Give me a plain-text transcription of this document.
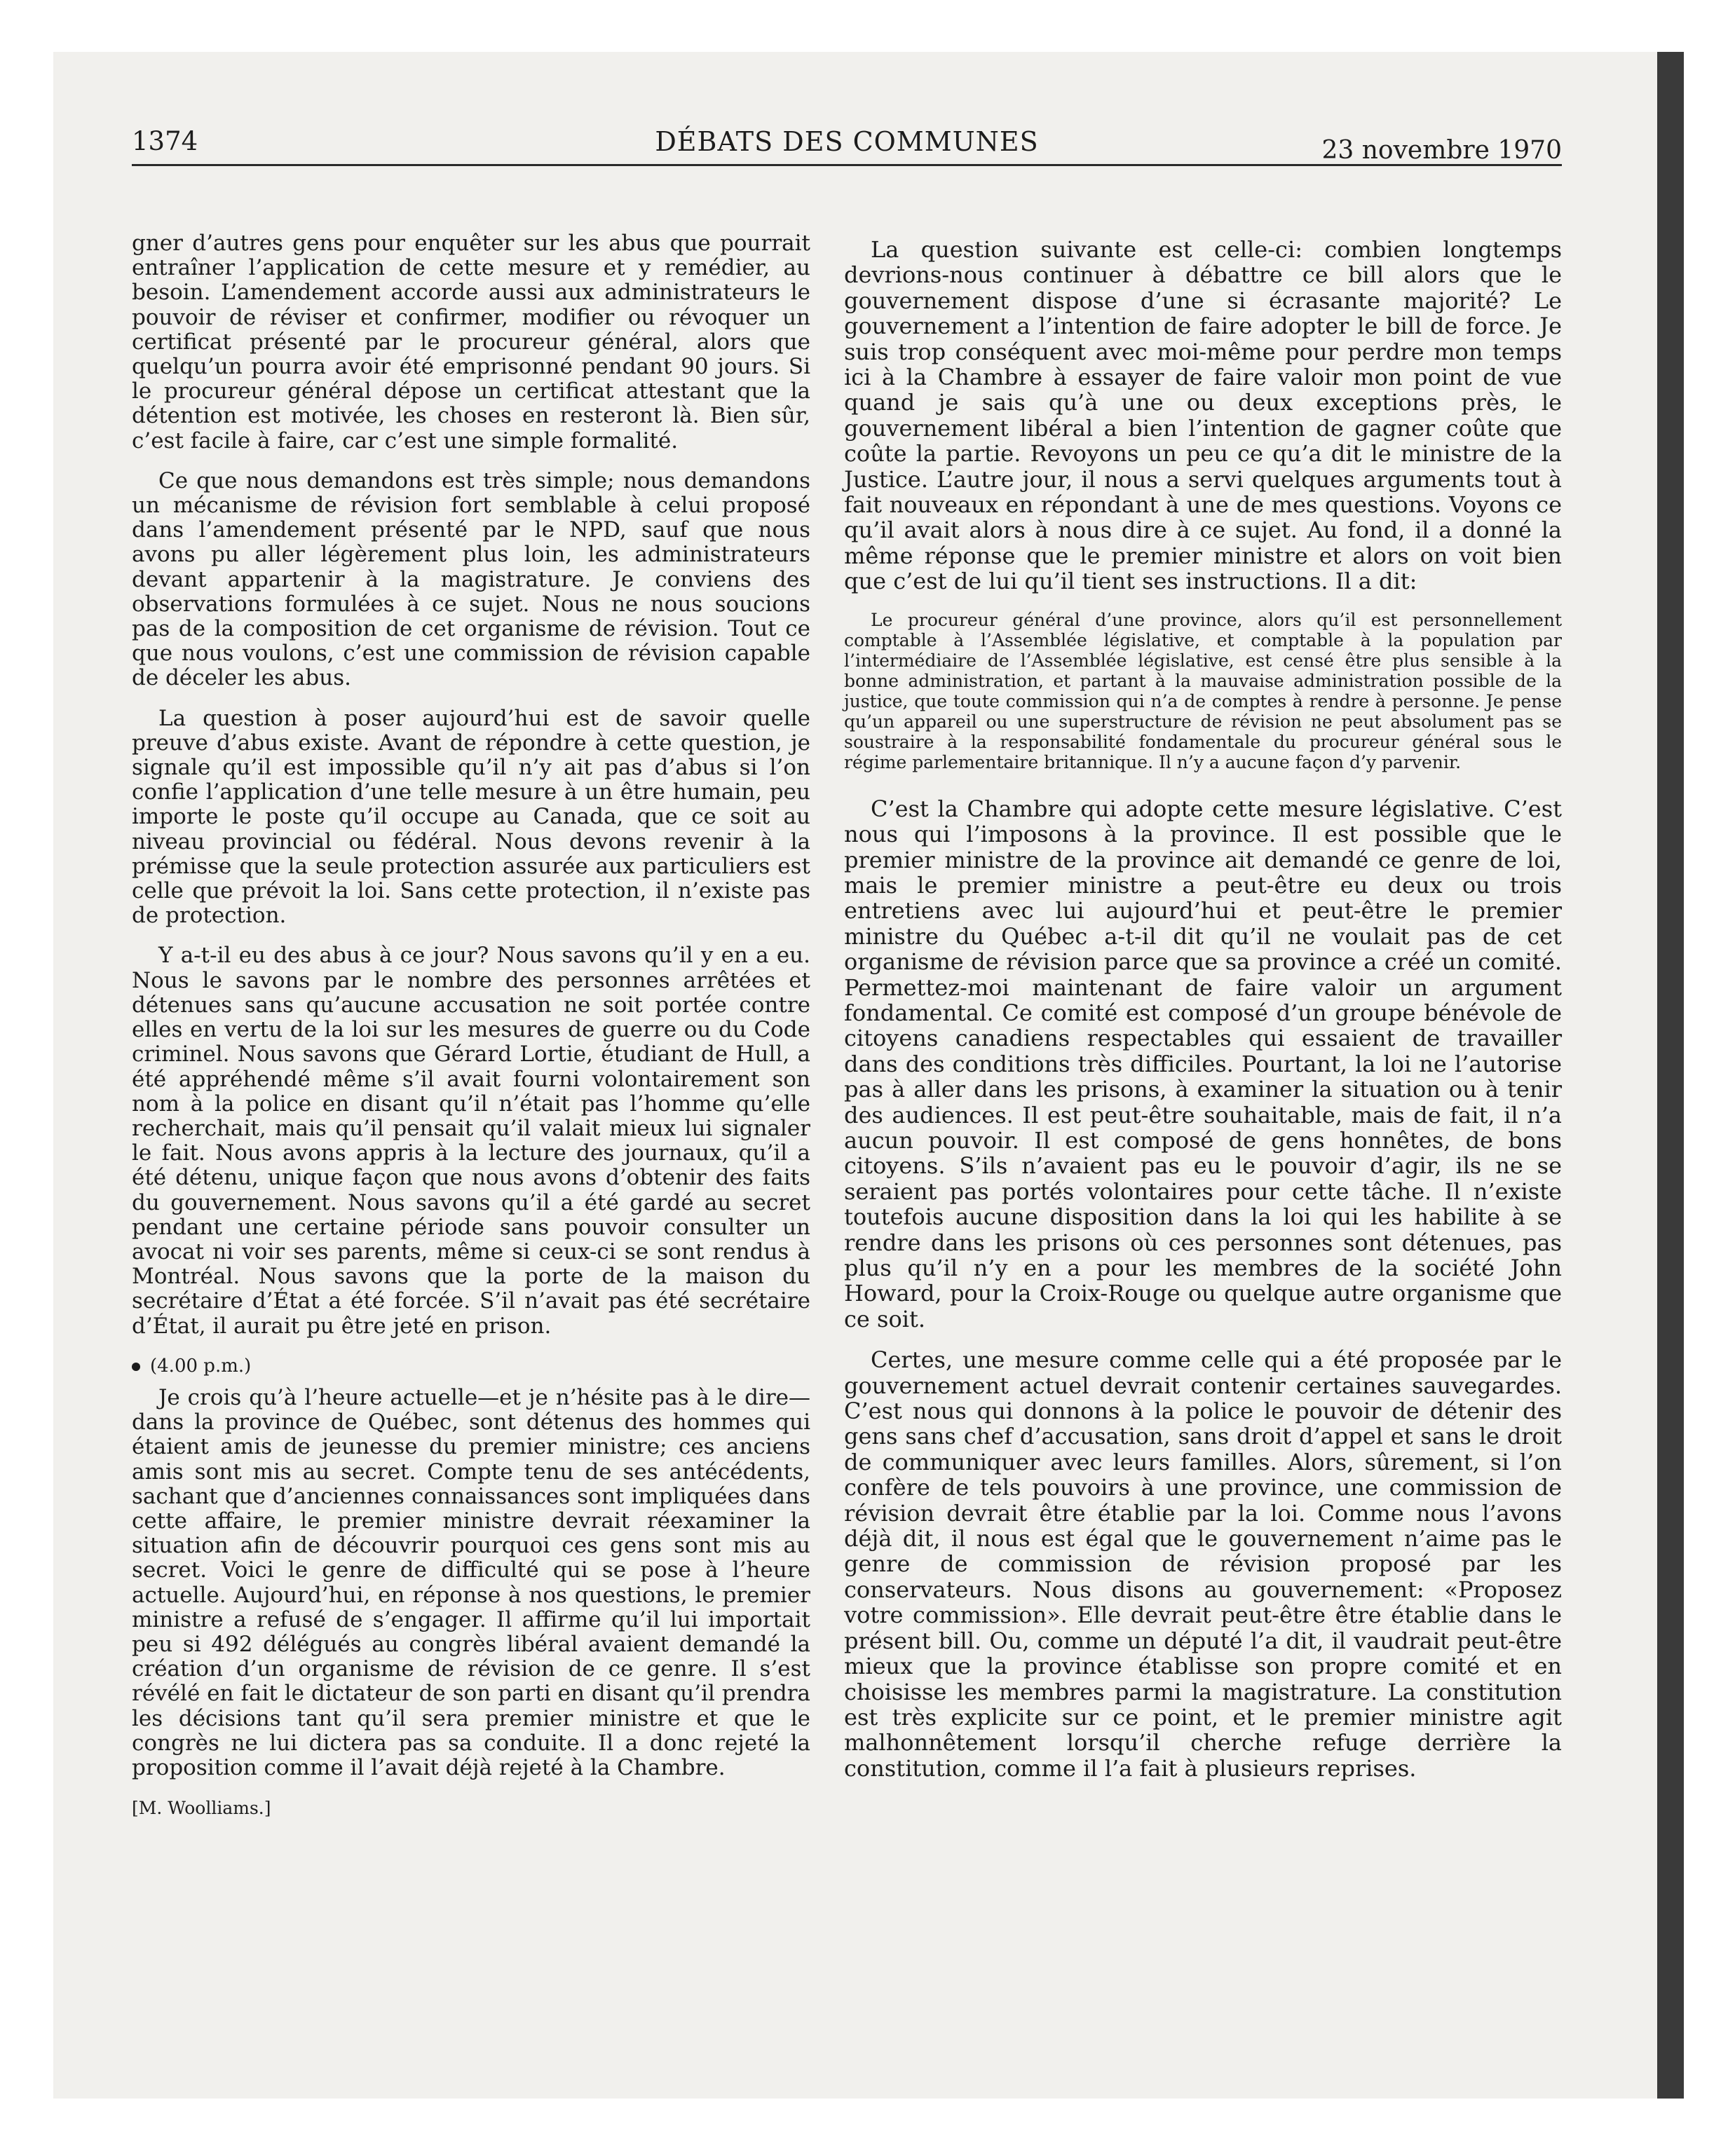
1374	DÉBATS DES COMMUNES	23 novembre 1970

gner d’autres gens pour enquêter sur les abus que pourrait entraîner l’application de cette mesure et y remédier, au besoin. L’amendement accorde aussi aux administrateurs le pouvoir de réviser et confirmer, modifier ou révoquer un certificat présenté par le procureur général, alors que quelqu’un pourra avoir été emprisonné pendant 90 jours. Si le procureur général dépose un certificat attestant que la détention est motivée, les choses en resteront là. Bien sûr, c’est facile à faire, car c’est une simple formalité.

Ce que nous demandons est très simple; nous demandons un mécanisme de révision fort semblable à celui proposé dans l’amendement présenté par le NPD, sauf que nous avons pu aller légèrement plus loin, les administrateurs devant appartenir à la magistrature. Je conviens des observations formulées à ce sujet. Nous ne nous soucions pas de la composition de cet organisme de révision. Tout ce que nous voulons, c’est une commission de révision capable de déceler les abus.

La question à poser aujourd’hui est de savoir quelle preuve d’abus existe. Avant de répondre à cette question, je signale qu’il est impossible qu’il n’y ait pas d’abus si l’on confie l’application d’une telle mesure à un être humain, peu importe le poste qu’il occupe au Canada, que ce soit au niveau provincial ou fédéral. Nous devons revenir à la prémisse que la seule protection assurée aux particuliers est celle que prévoit la loi. Sans cette protection, il n’existe pas de protection.

Y a-t-il eu des abus à ce jour? Nous savons qu’il y en a eu. Nous le savons par le nombre des personnes arrêtées et détenues sans qu’aucune accusation ne soit portée contre elles en vertu de la loi sur les mesures de guerre ou du Code criminel. Nous savons que Gérard Lortie, étudiant de Hull, a été appréhendé même s’il avait fourni volontairement son nom à la police en disant qu’il n’était pas l’homme qu’elle recherchait, mais qu’il pensait qu’il valait mieux lui signaler le fait. Nous avons appris à la lecture des journaux, qu’il a été détenu, unique façon que nous avons d’obtenir des faits du gouvernement. Nous savons qu’il a été gardé au secret pendant une certaine période sans pouvoir consulter un avocat ni voir ses parents, même si ceux-ci se sont rendus à Montréal. Nous savons que la porte de la maison du secrétaire d’État a été forcée. S’il n’avait pas été secrétaire d’État, il aurait pu être jeté en prison.

(4.00 p.m.)

Je crois qu’à l’heure actuelle—et je n’hésite pas à le dire—dans la province de Québec, sont détenus des hommes qui étaient amis de jeunesse du premier ministre; ces anciens amis sont mis au secret. Compte tenu de ses antécédents, sachant que d’anciennes connaissances sont impliquées dans cette affaire, le premier ministre devrait réexaminer la situation afin de découvrir pourquoi ces gens sont mis au secret. Voici le genre de difficulté qui se pose à l’heure actuelle. Aujourd’hui, en réponse à nos questions, le premier ministre a refusé de s’engager. Il affirme qu’il lui importait peu si 492 délégués au congrès libéral avaient demandé la création d’un organisme de révision de ce genre. Il s’est révélé en fait le dictateur de son parti en disant qu’il prendra les décisions tant qu’il sera premier ministre et que le congrès ne lui dictera pas sa conduite. Il a donc rejeté la proposition comme il l’avait déjà rejeté à la Chambre.

[M. Woolliams.]

La question suivante est celle-ci: combien longtemps devrions-nous continuer à débattre ce bill alors que le gouvernement dispose d’une si écrasante majorité? Le gouvernement a l’intention de faire adopter le bill de force. Je suis trop conséquent avec moi-même pour perdre mon temps ici à la Chambre à essayer de faire valoir mon point de vue quand je sais qu’à une ou deux exceptions près, le gouvernement libéral a bien l’intention de gagner coûte que coûte la partie. Revoyons un peu ce qu’a dit le ministre de la Justice. L’autre jour, il nous a servi quelques arguments tout à fait nouveaux en répondant à une de mes questions. Voyons ce qu’il avait alors à nous dire à ce sujet. Au fond, il a donné la même réponse que le premier ministre et alors on voit bien que c’est de lui qu’il tient ses instructions. Il a dit:

Le procureur général d’une province, alors qu’il est personnellement comptable à l’Assemblée législative, et comptable à la population par l’intermédiaire de l’Assemblée législative, est censé être plus sensible à la bonne administration, et partant à la mauvaise administration possible de la justice, que toute commission qui n’a de comptes à rendre à personne. Je pense qu’un appareil ou une superstructure de révision ne peut absolument pas se soustraire à la responsabilité fondamentale du procureur général sous le régime parlementaire britannique. Il n’y a aucune façon d’y parvenir.

C’est la Chambre qui adopte cette mesure législative. C’est nous qui l’imposons à la province. Il est possible que le premier ministre de la province ait demandé ce genre de loi, mais le premier ministre a peut-être eu deux ou trois entretiens avec lui aujourd’hui et peut-être le premier ministre du Québec a-t-il dit qu’il ne voulait pas de cet organisme de révision parce que sa province a créé un comité. Permettez-moi maintenant de faire valoir un argument fondamental. Ce comité est composé d’un groupe bénévole de citoyens canadiens respectables qui essaient de travailler dans des conditions très difficiles. Pourtant, la loi ne l’autorise pas à aller dans les prisons, à examiner la situation ou à tenir des audiences. Il est peut-être souhaitable, mais de fait, il n’a aucun pouvoir. Il est composé de gens honnêtes, de bons citoyens. S’ils n’avaient pas eu le pouvoir d’agir, ils ne se seraient pas portés volontaires pour cette tâche. Il n’existe toutefois aucune disposition dans la loi qui les habilite à se rendre dans les prisons où ces personnes sont détenues, pas plus qu’il n’y en a pour les membres de la société John Howard, pour la Croix-Rouge ou quelque autre organisme que ce soit.

Certes, une mesure comme celle qui a été proposée par le gouvernement actuel devrait contenir certaines sauvegardes. C’est nous qui donnons à la police le pouvoir de détenir des gens sans chef d’accusation, sans droit d’appel et sans le droit de communiquer avec leurs familles. Alors, sûrement, si l’on confère de tels pouvoirs à une province, une commission de révision devrait être établie par la loi. Comme nous l’avons déjà dit, il nous est égal que le gouvernement n’aime pas le genre de commission de révision proposé par les conservateurs. Nous disons au gouvernement: «Proposez votre commission». Elle devrait peut-être être établie dans le présent bill. Ou, comme un député l’a dit, il vaudrait peut-être mieux que la province établisse son propre comité et en choisisse les membres parmi la magistrature. La constitution est très explicite sur ce point, et le premier ministre agit malhonnêtement lorsqu’il cherche refuge derrière la constitution, comme il l’a fait à plusieurs reprises.
